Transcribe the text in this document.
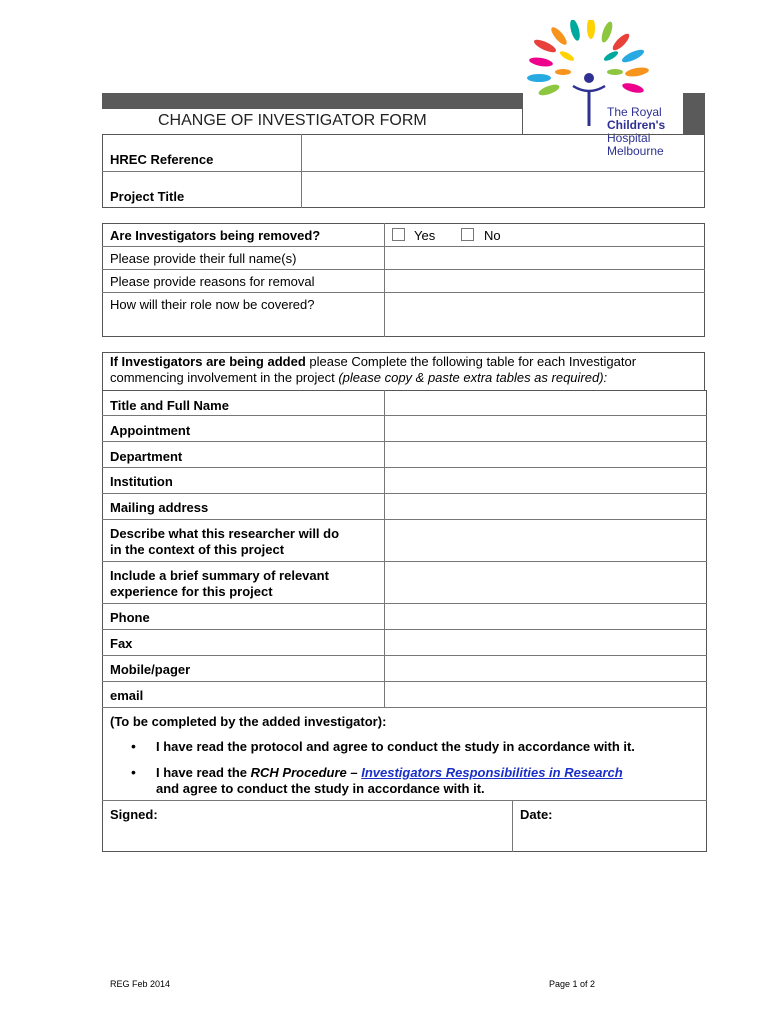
CHANGE OF INVESTIGATOR FORM	The Royal
Children's
Hospital
Melbourne
HREC Reference
Project Title
Are Investigators being removed?	Yes	No
Please provide their full name(s)
Please provide reasons for removal
How will their role now be covered?
If Investigators are being added please Complete the following table for each Investigator commencing involvement in the project (please copy & paste extra tables as required):
Title and Full Name
Appointment
Department
Institution
Mailing address
Describe what this researcher will do
in the context of this project
Include a brief summary of relevant
experience for this project
Phone
Fax
Mobile/pager
email
(To be completed by the added investigator):
• I have read the protocol and agree to conduct the study in accordance with it.
• I have read the RCH Procedure – Investigators Responsibilities in Research
and agree to conduct the study in accordance with it.
Signed:	Date:
REG Feb 2014	Page 1 of 2
